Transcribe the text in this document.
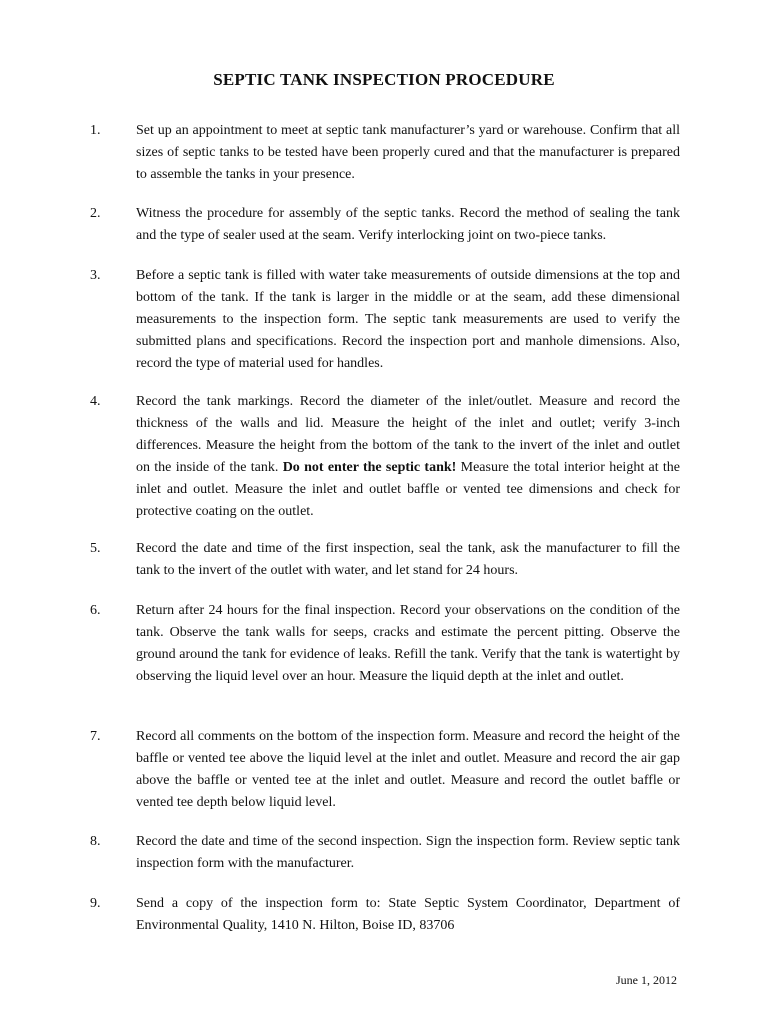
SEPTIC TANK INSPECTION PROCEDURE
1.	Set up an appointment to meet at septic tank manufacturer’s yard or warehouse. Confirm that all sizes of septic tanks to be tested have been properly cured and that the manufacturer is prepared to assemble the tanks in your presence.
2.	Witness the procedure for assembly of the septic tanks. Record the method of sealing the tank and the type of sealer used at the seam. Verify interlocking joint on two-piece tanks.
3.	Before a septic tank is filled with water take measurements of outside dimensions at the top and bottom of the tank. If the tank is larger in the middle or at the seam, add these dimensional measurements to the inspection form. The septic tank measurements are used to verify the submitted plans and specifications. Record the inspection port and manhole dimensions. Also, record the type of material used for handles.
4.	Record the tank markings. Record the diameter of the inlet/outlet. Measure and record the thickness of the walls and lid. Measure the height of the inlet and outlet; verify 3-inch differences. Measure the height from the bottom of the tank to the invert of the inlet and outlet on the inside of the tank. Do not enter the septic tank! Measure the total interior height at the inlet and outlet. Measure the inlet and outlet baffle or vented tee dimensions and check for protective coating on the outlet.
5.	Record the date and time of the first inspection, seal the tank, ask the manufacturer to fill the tank to the invert of the outlet with water, and let stand for 24 hours.
6.	Return after 24 hours for the final inspection. Record your observations on the condition of the tank. Observe the tank walls for seeps, cracks and estimate the percent pitting. Observe the ground around the tank for evidence of leaks. Refill the tank. Verify that the tank is watertight by observing the liquid level over an hour. Measure the liquid depth at the inlet and outlet.
7.	Record all comments on the bottom of the inspection form. Measure and record the height of the baffle or vented tee above the liquid level at the inlet and outlet. Measure and record the air gap above the baffle or vented tee at the inlet and outlet. Measure and record the outlet baffle or vented tee depth below liquid level.
8.	Record the date and time of the second inspection. Sign the inspection form. Review septic tank inspection form with the manufacturer.
9.	Send a copy of the inspection form to: State Septic System Coordinator, Department of Environmental Quality, 1410 N. Hilton, Boise ID, 83706
June 1, 2012
